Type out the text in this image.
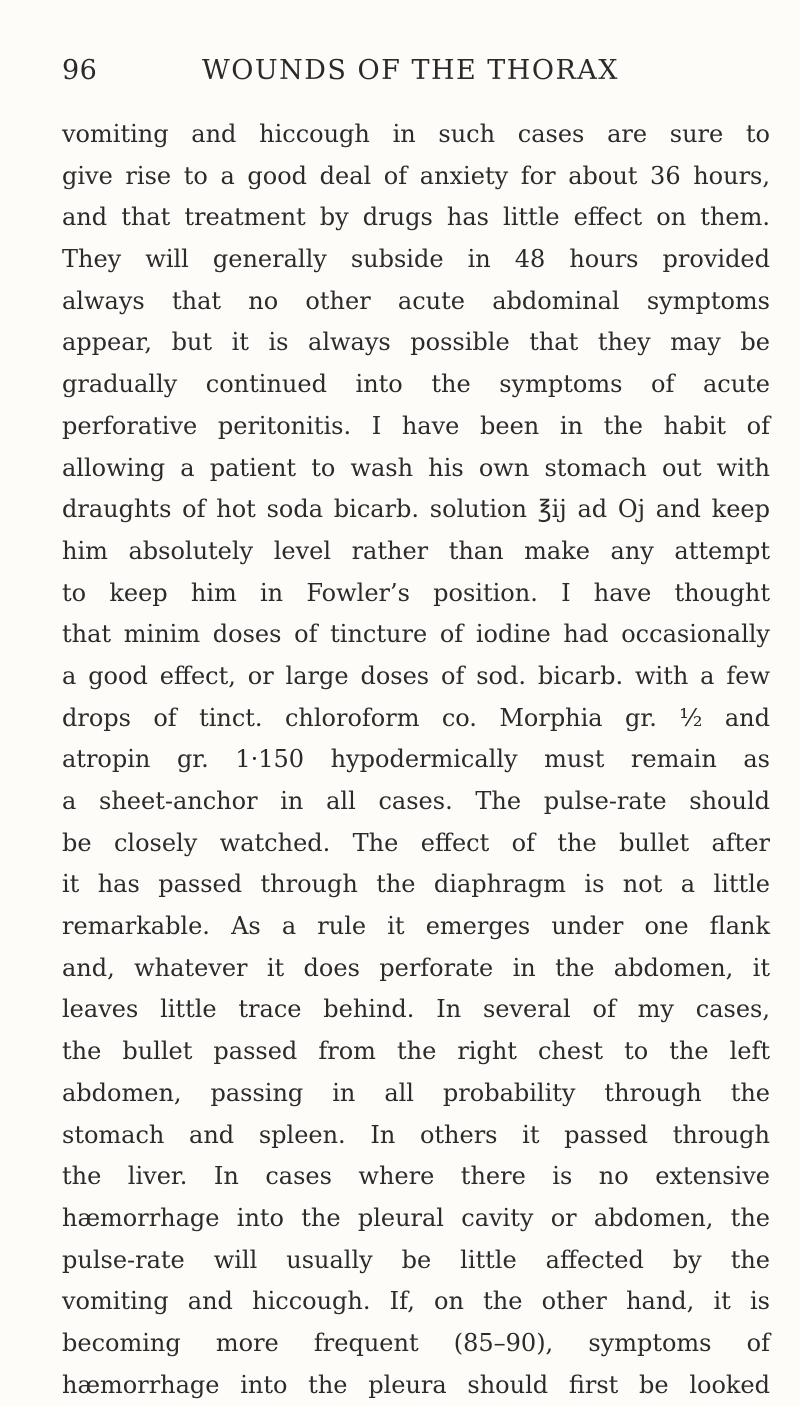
96	WOUNDS OF THE THORAX
vomiting and hiccough in such cases are sure to
give rise to a good deal of anxiety for about 36 hours,
and that treatment by drugs has little effect on them.
They will generally subside in 48 hours provided
always that no other acute abdominal symptoms
appear, but it is always possible that they may be
gradually continued into the symptoms of acute
perforative peritonitis. I have been in the habit of
allowing a patient to wash his own stomach out with
draughts of hot soda bicarb. solution ℥ij ad Oj and keep
him absolutely level rather than make any attempt
to keep him in Fowler’s position. I have thought
that minim doses of tincture of iodine had occasionally
a good effect, or large doses of sod. bicarb. with a few
drops of tinct. chloroform co. Morphia gr. ½ and
atropin gr. 1·150 hypodermically must remain as
a sheet-anchor in all cases. The pulse-rate should
be closely watched. The effect of the bullet after
it has passed through the diaphragm is not a little
remarkable. As a rule it emerges under one flank
and, whatever it does perforate in the abdomen, it
leaves little trace behind. In several of my cases,
the bullet passed from the right chest to the left
abdomen, passing in all probability through the
stomach and spleen. In others it passed through
the liver. In cases where there is no extensive
hæmorrhage into the pleural cavity or abdomen, the
pulse-rate will usually be little affected by the
vomiting and hiccough. If, on the other hand, it is
becoming more frequent (85–90), symptoms of
hæmorrhage into the pleura should first be looked
